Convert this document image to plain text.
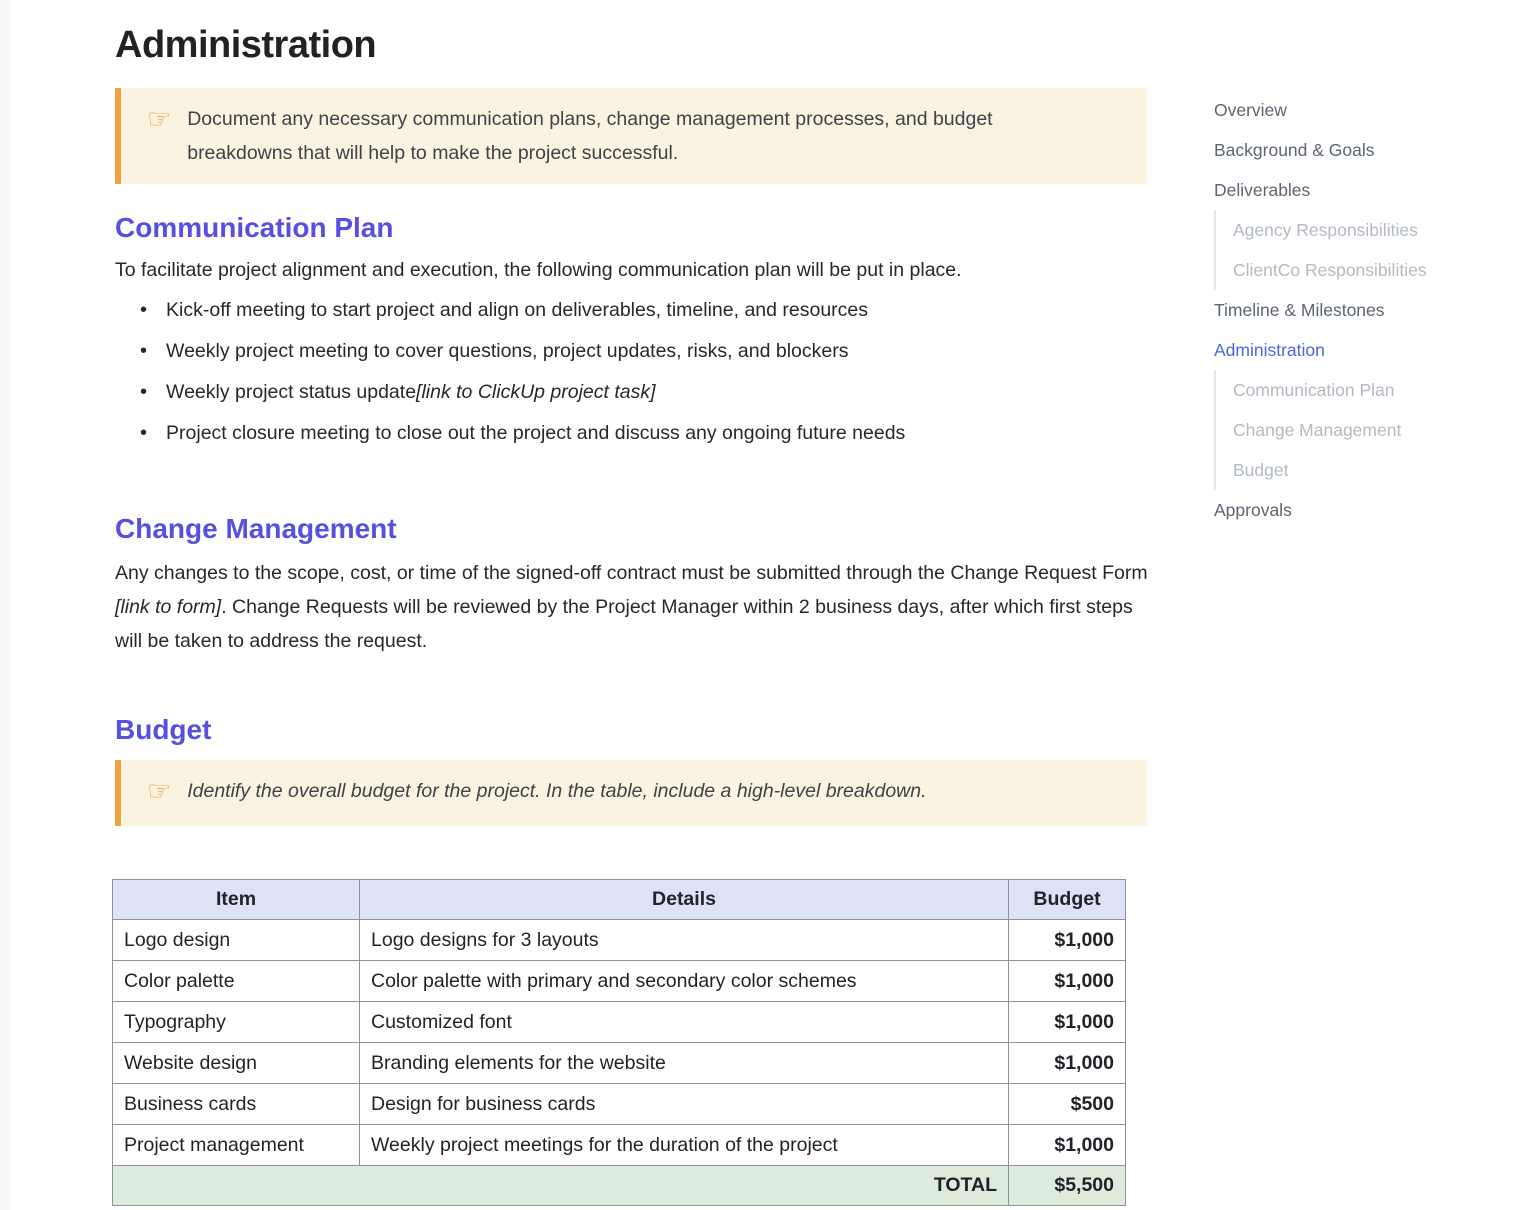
Administration
☞ Document any necessary communication plans, change management processes, and budget breakdowns that will help to make the project successful.

Communication Plan

To facilitate project alignment and execution, the following communication plan will be put in place.

• Kick-off meeting to start project and align on deliverables, timeline, and resources
• Weekly project meeting to cover questions, project updates, risks, and blockers
• Weekly project status update [link to ClickUp project task]
• Project closure meeting to close out the project and discuss any ongoing future needs
Change Management

Any changes to the scope, cost, or time of the signed-off contract must be submitted through the Change Request Form [link to form]. Change Requests will be reviewed by the Project Manager within 2 business days, after which first steps will be taken to address the request.

Budget
☞ Identify the overall budget for the project. In the table, include a high-level breakdown.

Item	Details	Budget
Logo design	Logo designs for 3 layouts	$1,000
Color palette	Color palette with primary and secondary color schemes	$1,000
Typography	Customized font	$1,000
Website design	Branding elements for the website	$1,000
Business cards	Design for business cards	$500
Project management	Weekly project meetings for the duration of the project	$1,000
TOTAL		$5,500
Overview
Background & Goals
Deliverables
Agency Responsibilities
ClientCo Responsibilities
Timeline & Milestones
Administration
Communication Plan
Change Management
Budget
Approvals
